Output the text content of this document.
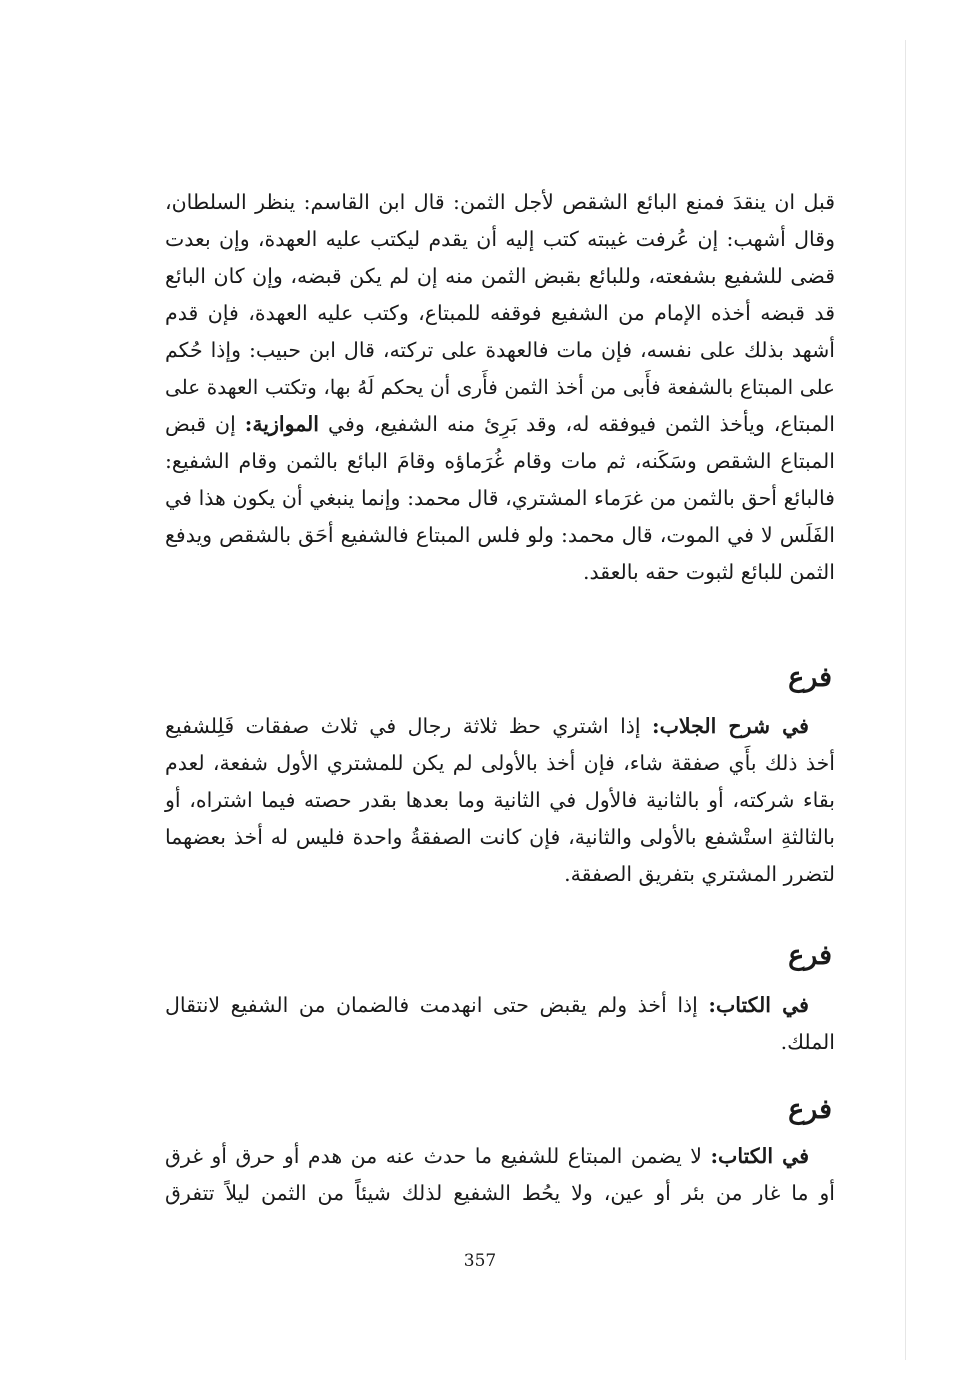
قبل ان ينقدَ فمنع البائع الشقص لأجل الثمن: قال ابن القاسم: ينظر السلطان،
وقال أشهب: إن عُرفت غيبته كتب إليه أن يقدم ليكتب عليه العهدة، وإن بعدت
قضى للشفيع بشفعته، وللبائع بقبض الثمن منه إن لم يكن قبضه، وإن كان البائع
قد قبضه أخذه الإمام من الشفيع فوقفه للمبتاع، وكتب عليه العهدة، فإن قدم
أشهد بذلك على نفسه، فإن مات فالعهدة على تركته، قال ابن حبيب: وإذا حُكم
على المبتاع بالشفعة فأَبى من أخذ الثمن فأَرى أن يحكم لَهُ بها، وتكتب العهدة على
المبتاع، ويأخذ الثمن فيوفقه له، وقد بَرِئ منه الشفيع، وفي الموازية: إن قبض
المبتاع الشقص وسَكَنه، ثم مات وقام غُرَماؤه وقامَ البائع بالثمن وقام الشفيع:
فالبائع أحق بالثمن من غرَماء المشتري، قال محمد: وإنما ينبغي أن يكون هذا في
الفَلَس لا في الموت، قال محمد: ولو فلس المبتاع فالشفيع أحَق بالشقص ويدفع
الثمن للبائع لثبوت حقه بالعقد.
فرع
في شرح الجلاب: إذا اشتري حظ ثلاثة رجال في ثلاث صفقات فَلِلشفيع
أخذ ذلك بأَي صفقة شاء، فإن أخذ بالأولى لم يكن للمشتري الأول شفعة، لعدم
بقاء شركته، أو بالثانية فالأول في الثانية وما بعدها بقدر حصته فيما اشتراه، أو
بالثالثةِ استْشفع بالأولى والثانية، فإن كانت الصفقةُ واحدة فليس له أخذ بعضهما
لتضرر المشتري بتفريق الصفقة.
فرع
في الكتاب: إذا أخذ ولم يقبض حتى انهدمت فالضمان من الشفيع لانتقال
الملك.
فرع
في الكتاب: لا يضمن المبتاع للشفيع ما حدث عنه من هدم أو حرق أو غرق
أو ما غار من بئر أو عين، ولا يحُط الشفيع لذلك شيئاً من الثمن ليلاً تتفرق
357
